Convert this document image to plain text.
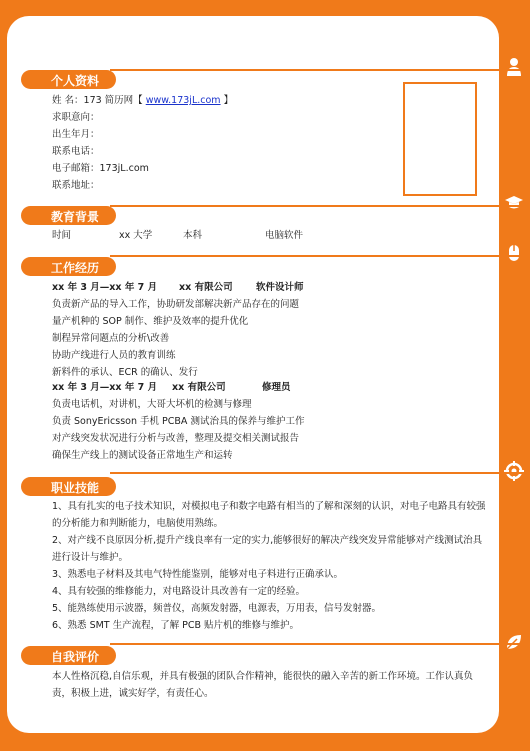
个人资料
教育背景
工作经历
职业技能
自我评价
姓 名：173 简历网【 www.173jL.com 】
求职意向：
出生年月：
联系电话：
电子邮箱：173jL.com
联系地址：
时间	xx 大学	本科	电脑软件
xx 年 3 月—xx 年 7 月 xx 有限公司 软件设计师
负责新产品的导入工作，协助研发部解决新产品存在的问题
量产机种的 SOP 制作、维护及效率的提升优化
制程异常问题点的分析\改善
协助产线进行人员的教育训练
新料件的承认、ECR 的确认、发行
xx 年 3 月—xx 年 7 月 xx 有限公司	修理员
负责电话机，对讲机，大哥大坏机的检测与修理
负责 SonyEricsson 手机 PCBA 测试治具的保养与维护工作
对产线突发状况进行分析与改善，整理及提交相关测试报告
确保生产线上的测试设备正常地生产和运转
1、具有扎实的电子技术知识，对模拟电子和数字电路有相当的了解和深刻的认识，对电子电路具有较强的分析能力和判断能力，电脑使用熟练。
2、对产线不良原因分析,提升产线良率有一定的实力,能够很好的解决产线突发异常能够对产线测试治具进行设计与维护。
3、熟悉电子材料及其电气特性能鉴别，能够对电子料进行正确承认。
4、具有较强的维修能力，对电路设计具改善有一定的经验。
5、能熟练使用示波器，频普仪，高频发射器，电源表，万用表，信号发射器。
6、熟悉 SMT 生产流程，了解 PCB 贴片机的维修与维护。
本人性格沉稳,自信乐观，并具有极强的团队合作精神，能很快的融入辛苦的新工作环境。工作认真负责，积极上进，诚实好学，有责任心。
